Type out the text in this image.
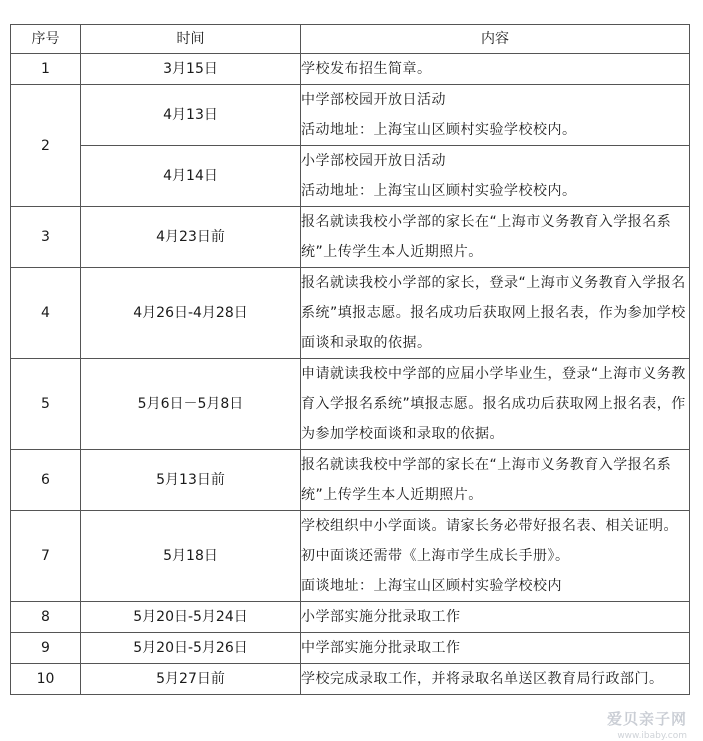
序号	时间	内容
1	3月15日	学校发布招生简章。

2	4月13日	中学部校园开放日活动
活动地址：上海宝山区顾村实验学校校内。

	4月14日	小学部校园开放日活动
活动地址：上海宝山区顾村实验学校校内。

3	4月23日前	报名就读我校小学部的家长在“上海市义务教育入学报名系统”上传学生本人近期照片。
4	4月26日-4月28日	报名就读我校小学部的家长，登录“上海市义务教育入学报名系统”填报志愿。报名成功后获取网上报名表，作为参加学校面谈和录取的依据。
5	5月6日－5月8日	申请就读我校中学部的应届小学毕业生，登录“上海市义务教育入学报名系统”填报志愿。报名成功后获取网上报名表，作为参加学校面谈和录取的依据。
6	5月13日前	报名就读我校中学部的家长在“上海市义务教育入学报名系统”上传学生本人近期照片。
7	5月18日	学校组织中小学面谈。请家长务必带好报名表、相关证明。初中面谈还需带《上海市学生成长手册》。
面谈地址：上海宝山区顾村实验学校校内

8	5月20日-5月24日	小学部实施分批录取工作
9	5月20日-5月26日	中学部实施分批录取工作
10	5月27日前	学校完成录取工作，并将录取名单送区教育局行政部门。
爱贝亲子网
www.ibaby.com
